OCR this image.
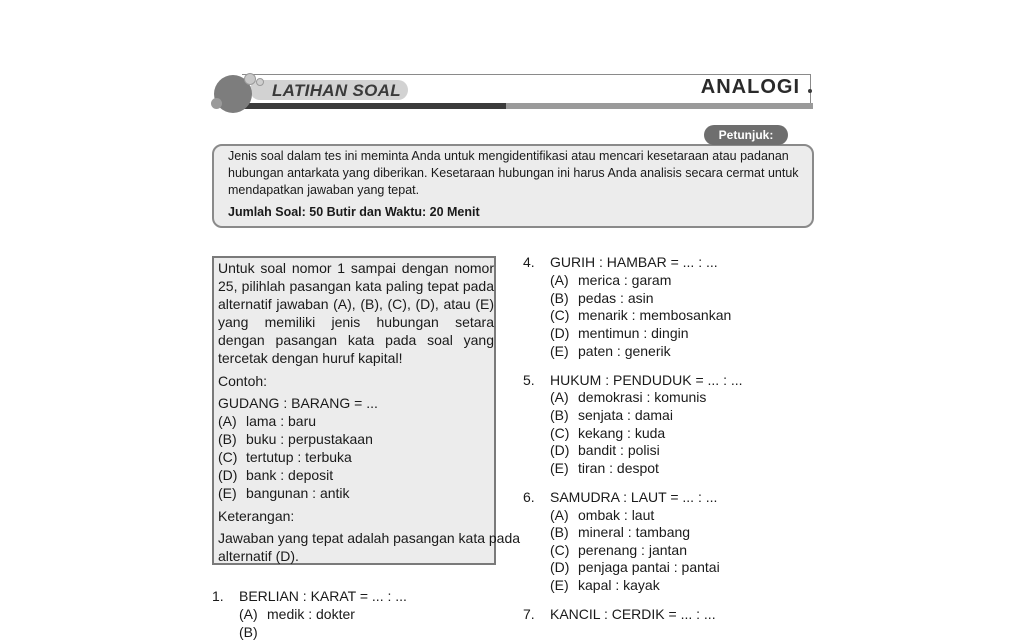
LATIHAN SOAL	ANALOGI
Petunjuk:
Jenis soal dalam tes ini meminta Anda untuk mengidentifikasi atau mencari kesetaraan atau padanan
hubungan antarkata yang diberikan. Kesetaraan hubungan ini harus Anda analisis secara cermat untuk
mendapatkan jawaban yang tepat.
Jumlah Soal: 50 Butir dan Waktu: 20 Menit
Untuk soal nomor 1 sampai dengan nomor 25, pilihlah pasangan kata paling tepat pada alternatif jawaban (A), (B), (C), (D), atau (E) yang memiliki jenis hubungan setara dengan pasangan kata pada soal yang tercetak dengan huruf kapital!
Contoh:
GUDANG : BARANG = ...
(A) lama : baru
(B) buku : perpustakaan
(C) tertutup : terbuka
(D) bank : deposit
(E) bangunan : antik
Keterangan:
Jawaban yang tepat adalah pasangan kata pada
alternatif (D).
1. BERLIAN : KARAT = ... : ...
(A) medik : dokter
(B)
4. GURIH : HAMBAR = ... : ...
(A) merica : garam
(B) pedas : asin
(C) menarik : membosankan
(D) mentimun : dingin
(E) paten : generik
5. HUKUM : PENDUDUK = ... : ...
(A) demokrasi : komunis
(B) senjata : damai
(C) kekang : kuda
(D) bandit : polisi
(E) tiran : despot
6. SAMUDRA : LAUT = ... : ...
(A) ombak : laut
(B) mineral : tambang
(C) perenang : jantan
(D) penjaga pantai : pantai
(E) kapal : kayak
7. KANCIL : CERDIK = ... : ...
